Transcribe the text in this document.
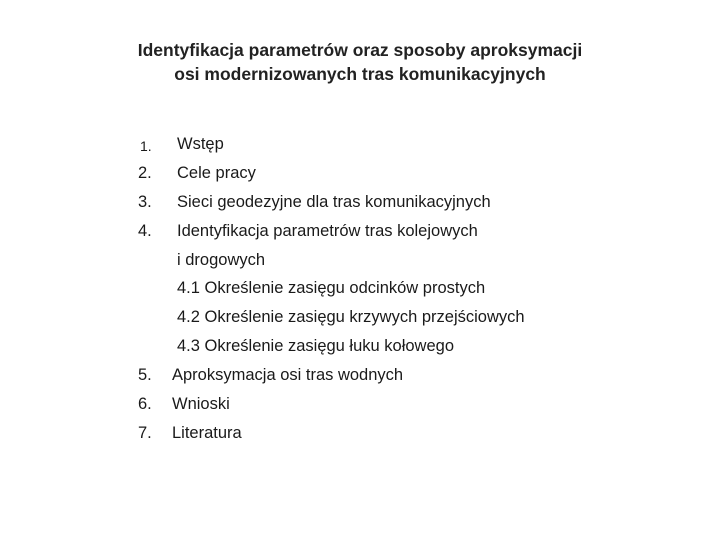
Identyfikacja parametrów oraz sposoby aproksymacji
osi modernizowanych tras komunikacyjnych
1. Wstęp
2. Cele pracy
3. Sieci geodezyjne dla tras komunikacyjnych
4. Identyfikacja parametrów tras kolejowych
i drogowych
4.1 Określenie zasięgu odcinków prostych
4.2 Określenie zasięgu krzywych przejściowych
4.3 Określenie zasięgu łuku kołowego
5. Aproksymacja osi tras wodnych
6. Wnioski
7. Literatura
